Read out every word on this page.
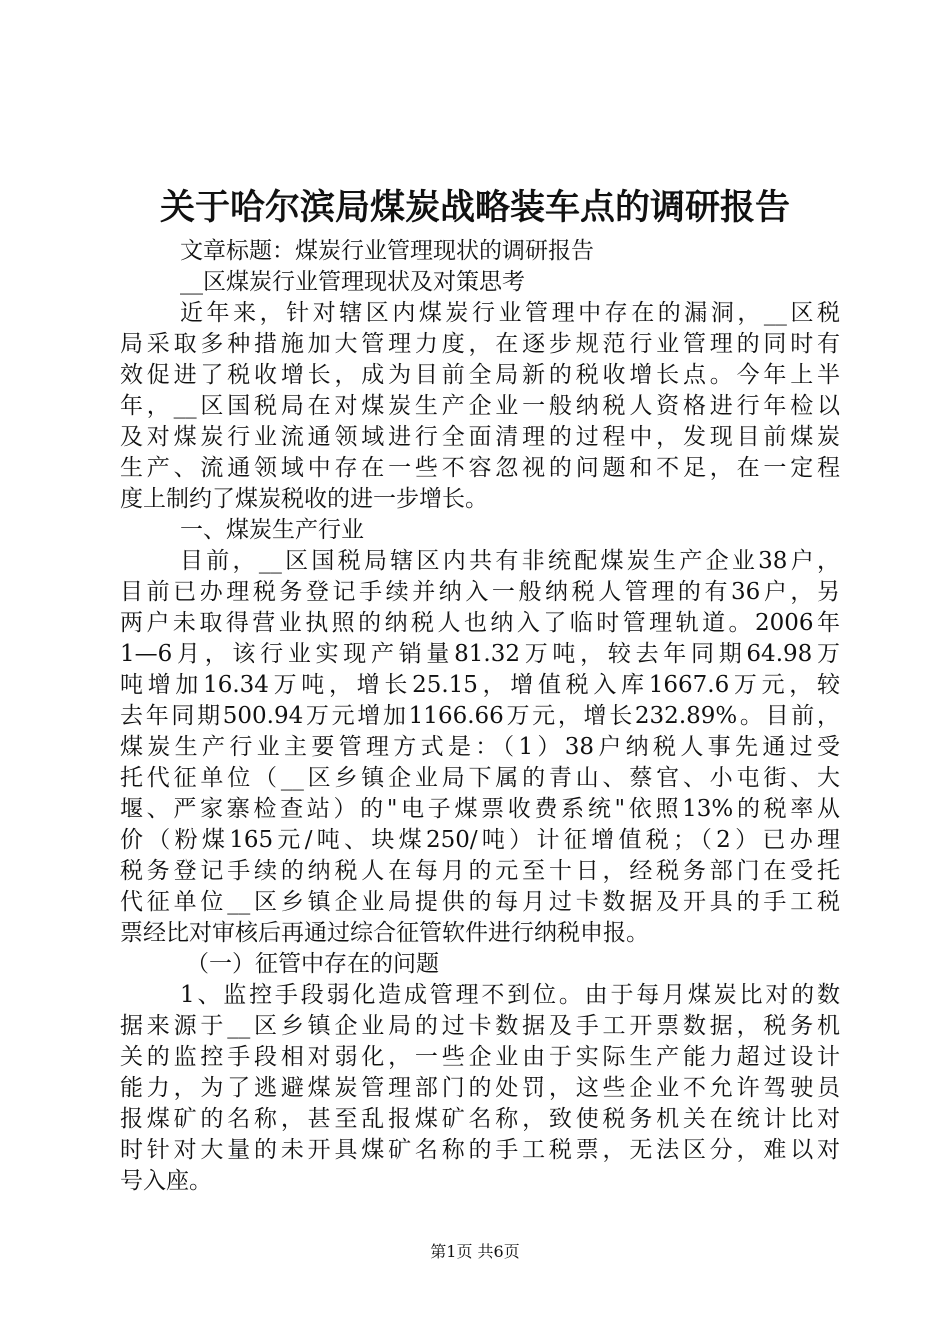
关于哈尔滨局煤炭战略装车点的调研报告
文章标题：煤炭行业管理现状的调研报告
__区煤炭行业管理现状及对策思考
近年来，针对辖区内煤炭行业管理中存在的漏洞，__区税
局采取多种措施加大管理力度，在逐步规范行业管理的同时有
效促进了税收增长，成为目前全局新的税收增长点。今年上半
年，__区国税局在对煤炭生产企业一般纳税人资格进行年检以
及对煤炭行业流通领域进行全面清理的过程中，发现目前煤炭
生产、流通领域中存在一些不容忽视的问题和不足，在一定程
度上制约了煤炭税收的进一步增长。
一、煤炭生产行业
目前，__区国税局辖区内共有非统配煤炭生产企业38户，
目前已办理税务登记手续并纳入一般纳税人管理的有36户，另
两户未取得营业执照的纳税人也纳入了临时管理轨道。2006年
1—6月，该行业实现产销量81.32万吨，较去年同期64.98万
吨增加16.34万吨，增长25.15，增值税入库1667.6万元，较
去年同期500.94万元增加1166.66万元，增长232.89%。目前，
煤炭生产行业主要管理方式是：（1）38户纳税人事先通过受
托代征单位（__区乡镇企业局下属的青山、蔡官、小屯街、大
堰、严家寨检查站）的"电子煤票收费系统"依照13%的税率从
价（粉煤165元/吨、块煤250/吨）计征增值税；（2）已办理
税务登记手续的纳税人在每月的元至十日，经税务部门在受托
代征单位__区乡镇企业局提供的每月过卡数据及开具的手工税
票经比对审核后再通过综合征管软件进行纳税申报。
（一）征管中存在的问题
1、监控手段弱化造成管理不到位。由于每月煤炭比对的数
据来源于__区乡镇企业局的过卡数据及手工开票数据，税务机
关的监控手段相对弱化，一些企业由于实际生产能力超过设计
能力，为了逃避煤炭管理部门的处罚，这些企业不允许驾驶员
报煤矿的名称，甚至乱报煤矿名称，致使税务机关在统计比对
时针对大量的未开具煤矿名称的手工税票，无法区分，难以对
号入座。
第1页 共6页
